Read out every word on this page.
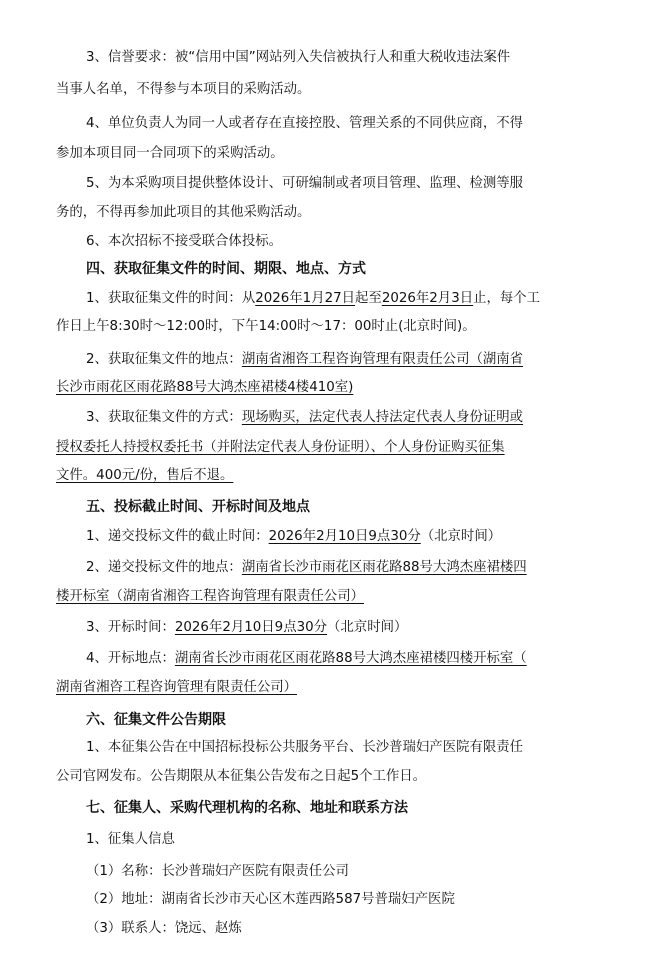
3、信誉要求：被“信用中国”网站列入失信被执行人和重大税收违法案件
当事人名单，不得参与本项目的采购活动。
4、单位负责人为同一人或者存在直接控股、管理关系的不同供应商，不得
参加本项目同一合同项下的采购活动。
5、为本采购项目提供整体设计、可研编制或者项目管理、监理、检测等服
务的，不得再参加此项目的其他采购活动。
6、本次招标不接受联合体投标。
四、获取征集文件的时间、期限、地点、方式
1、获取征集文件的时间：从2026年1月27日起至2026年2月3日止，每个工
作日上午8:30时～12:00时，下午14:00时～17：00时止(北京时间)。
2、获取征集文件的地点：湖南省湘咨工程咨询管理有限责任公司（湖南省
长沙市雨花区雨花路88号大鸿杰座裙楼4楼410室)
3、获取征集文件的方式：现场购买，法定代表人持法定代表人身份证明或
授权委托人持授权委托书（并附法定代表人身份证明）、个人身份证购买征集
文件。400元/份，售后不退。
五、投标截止时间、开标时间及地点
1、递交投标文件的截止时间：2026年2月10日9点30分（北京时间）
2、递交投标文件的地点：湖南省长沙市雨花区雨花路88号大鸿杰座裙楼四
楼开标室（湖南省湘咨工程咨询管理有限责任公司）
3、开标时间：2026年2月10日9点30分（北京时间）
4、开标地点：湖南省长沙市雨花区雨花路88号大鸿杰座裙楼四楼开标室（
湖南省湘咨工程咨询管理有限责任公司）
六、征集文件公告期限
1、本征集公告在中国招标投标公共服务平台、长沙普瑞妇产医院有限责任
公司官网发布。公告期限从本征集公告发布之日起5个工作日。
七、征集人、采购代理机构的名称、地址和联系方法
1、征集人信息
（1）名称：长沙普瑞妇产医院有限责任公司
（2）地址：湖南省长沙市天心区木莲西路587号普瑞妇产医院
（3）联系人：饶远、赵炼
